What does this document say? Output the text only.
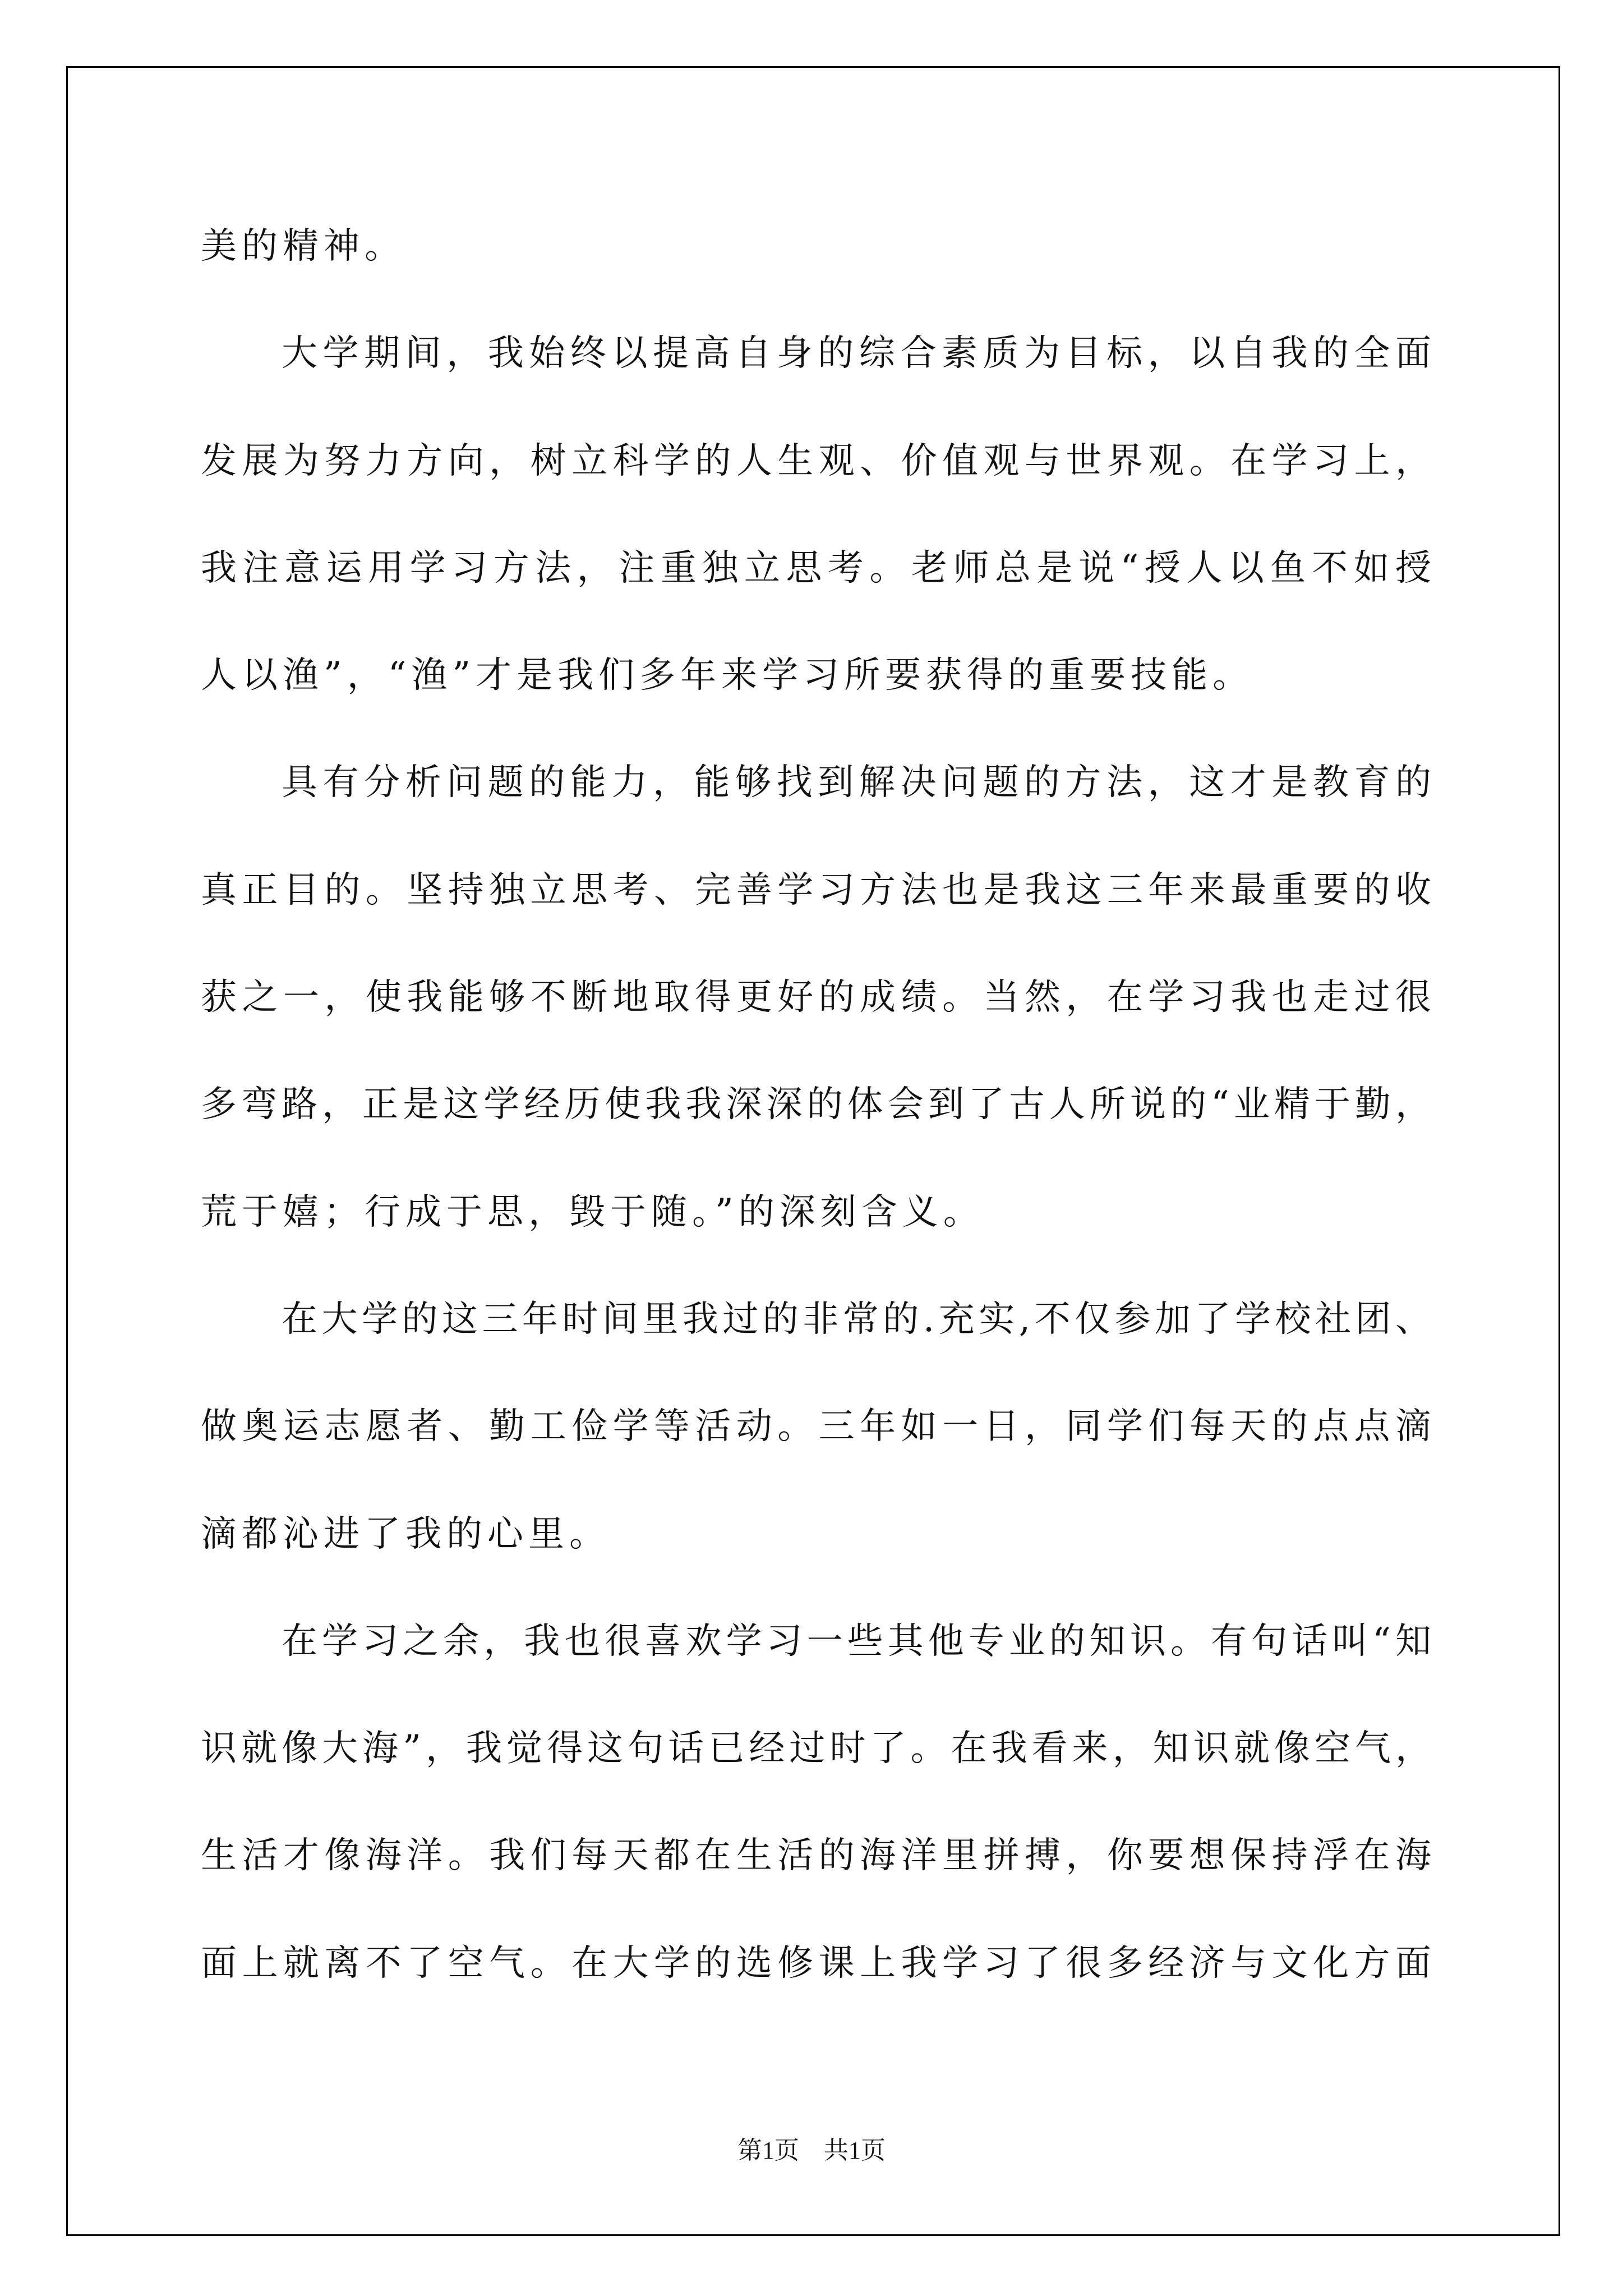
美的精神。
大学期间，我始终以提高自身的综合素质为目标，以自我的全面
发展为努力方向，树立科学的人生观、价值观与世界观。在学习上，
我注意运用学习方法，注重独立思考。老师总是说“授人以鱼不如授
人以渔”，“渔”才是我们多年来学习所要获得的重要技能。
具有分析问题的能力，能够找到解决问题的方法，这才是教育的
真正目的。坚持独立思考、完善学习方法也是我这三年来最重要的收
获之一，使我能够不断地取得更好的成绩。当然，在学习我也走过很
多弯路，正是这学经历使我我深深的体会到了古人所说的“业精于勤，
荒于嬉；行成于思，毁于随。”的深刻含义。
在大学的这三年时间里我过的非常的.充实,不仅参加了学校社团、
做奥运志愿者、勤工俭学等活动。三年如一日，同学们每天的点点滴
滴都沁进了我的心里。
在学习之余，我也很喜欢学习一些其他专业的知识。有句话叫“知
识就像大海”，我觉得这句话已经过时了。在我看来，知识就像空气，
生活才像海洋。我们每天都在生活的海洋里拼搏，你要想保持浮在海
面上就离不了空气。在大学的选修课上我学习了很多经济与文化方面
第1页　共1页
